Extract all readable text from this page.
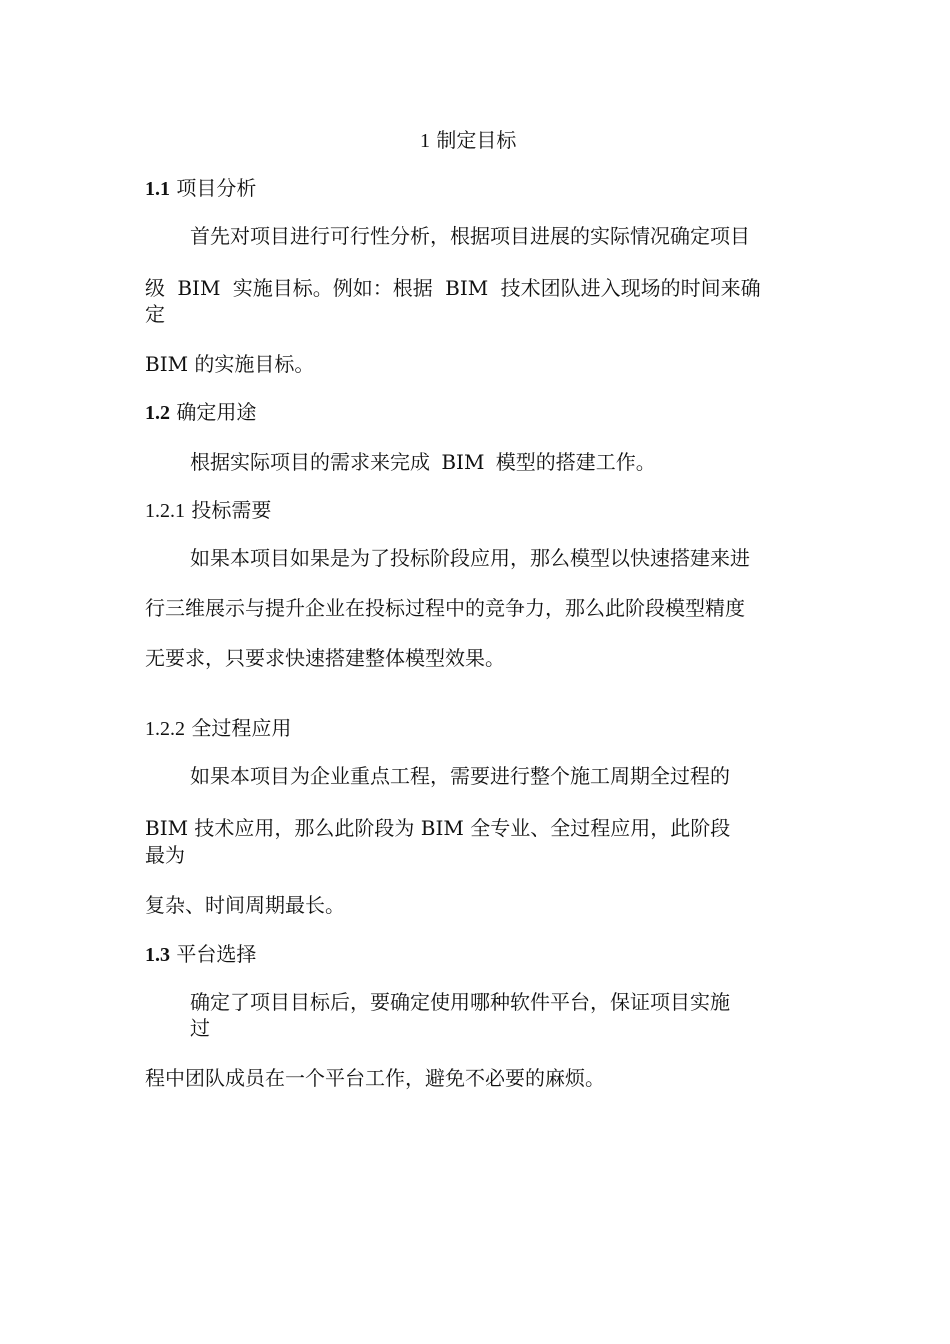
1 制定目标
1.1 项目分析

首先对项目进行可行性分析，根据项目进展的实际情况确定项目

级 BIM 实施目标。例如：根据 BIM 技术团队进入现场的时间来确

定

BIM 的实施目标。

1.2 确定用途

根据实际项目的需求来完成 BIM 模型的搭建工作。

1.2.1 投标需要

如果本项目如果是为了投标阶段应用，那么模型以快速搭建来进

行三维展示与提升企业在投标过程中的竞争力，那么此阶段模型精度

无要求，只要求快速搭建整体模型效果。

1.2.2 全过程应用

如果本项目为企业重点工程，需要进行整个施工周期全过程的

BIM 技术应用，那么此阶段为 BIM 全专业、全过程应用，此阶段

最为

复杂、时间周期最长。

1.3 平台选择

确定了项目目标后，要确定使用哪种软件平台，保证项目实施

过

程中团队成员在一个平台工作，避免不必要的麻烦。
